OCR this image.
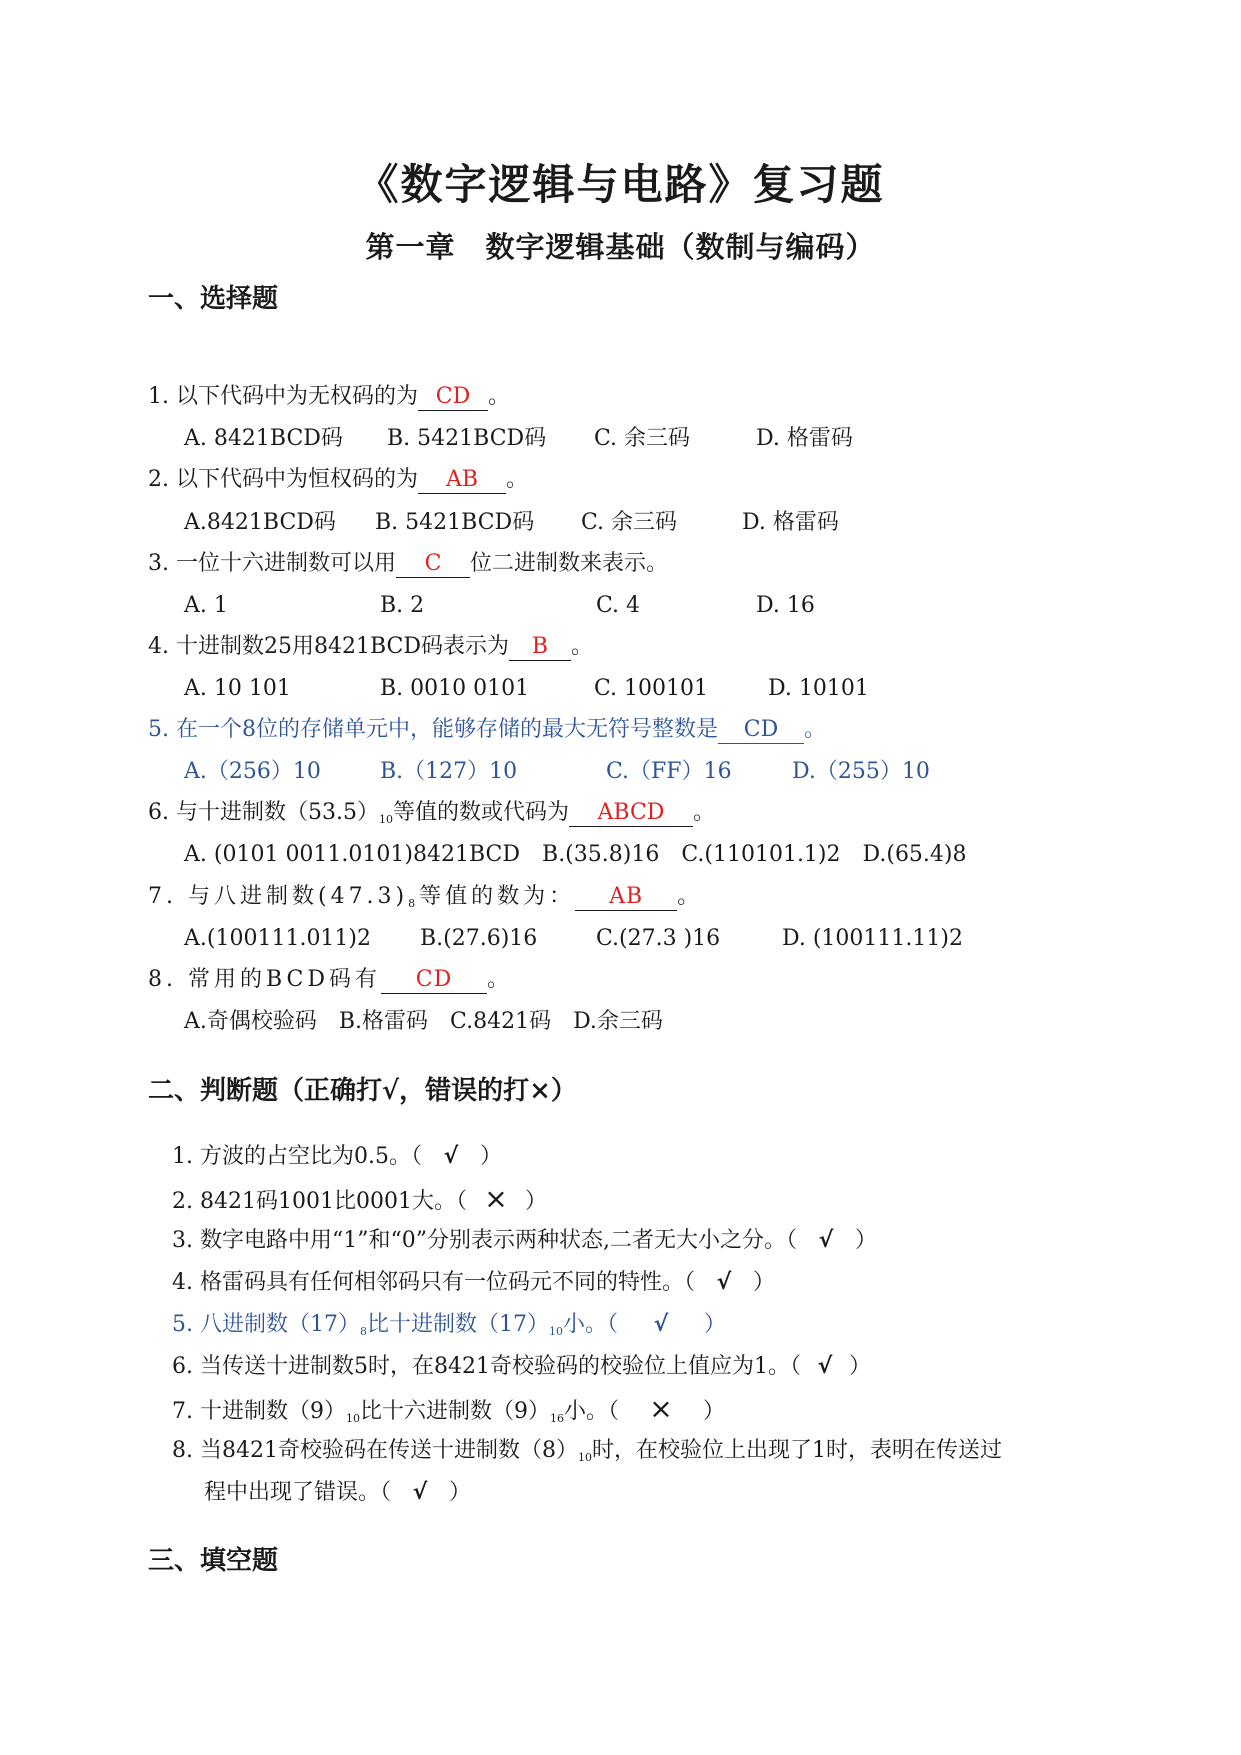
《数字逻辑与电路》复习题
第一章　数字逻辑基础（数制与编码）
一、选择题
1. 以下代码中为无权码的为 CD 。
A. 8421BCD码 B. 5421BCD码 C. 余三码	D. 格雷码
2. 以下代码中为恒权码的为 AB 。
A.8421BCD码 B. 5421BCD码 C. 余三码	D. 格雷码
3. 一位十六进制数可以用 C 位二进制数来表示。
A. 1	B. 2	C. 4	D. 16
4. 十进制数25用8421BCD码表示为 B 。
A. 10 101	B. 0010 0101	C. 100101	D. 10101
5. 在一个8位的存储单元中，能够存储的最大无符号整数是 CD 。
A.（256）10	B.（127）10	C.（FF）16	D.（255）10
6. 与十进制数$(53.5)_{10}$等值的数或代码为 ABCD 。
A. (0101 0011.0101)8421BCD　B.(35.8)16　C.(110101.1)2　D.(65.4)8
7. 与八进制数$(47.3)_8$等值的数为： AB 。
A.(100111.011)2 B.(27.6)16	C.(27.3 )16	D. (100111.11)2
8. 常用的BCD码有 CD 。
A.奇偶校验码　B.格雷码　C.8421码　D.余三码
二、判断题（正确打√，错误的打×）
1. 方波的占空比为0.5。（ √ ）
2. 8421码1001比0001大。（ × ）
3. 数字电路中用“1”和“0”分别表示两种状态,二者无大小之分。（ √ ）
4. 格雷码具有任何相邻码只有一位码元不同的特性。（ √ ）
5. 八进制数$(17)_8$比十进制数$(17)_{10}$小。（ √ ）
6. 当传送十进制数5时，在8421奇校验码的校验位上值应为1。（ √ ）
7. 十进制数$(9)_{10}$比十六进制数$(9)_{16}$小。（ × ）
8. 当8421奇校验码在传送十进制数$(8)_{10}$时，在校验位上出现了1时，表明在传送过
程中出现了错误。（ √ ）
三、填空题
